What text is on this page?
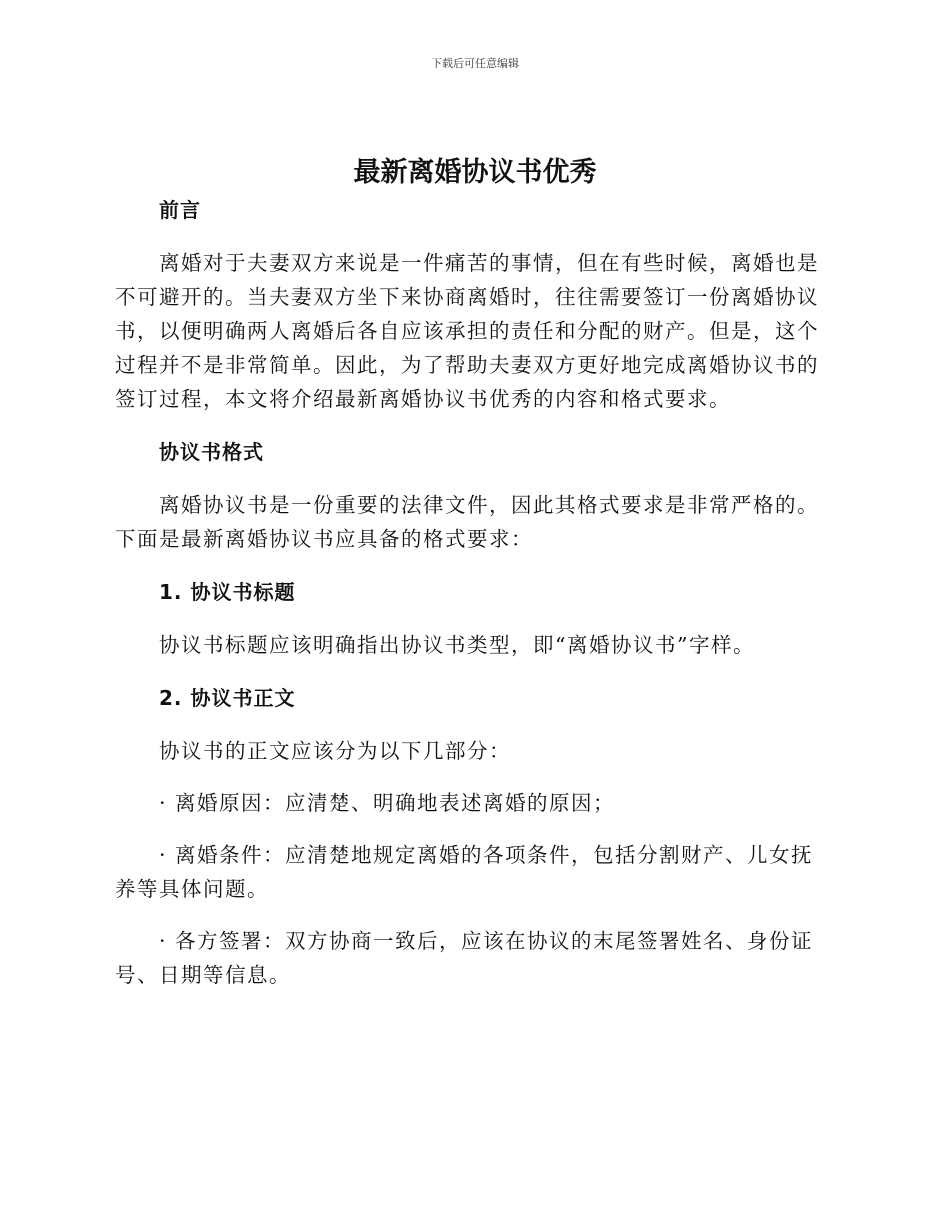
下载后可任意编辑
最新离婚协议书优秀
前言

离婚对于夫妻双方来说是一件痛苦的事情，但在有些时候，离婚也是不可避开的。当夫妻双方坐下来协商离婚时，往往需要签订一份离婚协议书，以便明确两人离婚后各自应该承担的责任和分配的财产。但是，这个过程并不是非常简单。因此，为了帮助夫妻双方更好地完成离婚协议书的签订过程，本文将介绍最新离婚协议书优秀的内容和格式要求。

协议书格式

离婚协议书是一份重要的法律文件，因此其格式要求是非常严格的。下面是最新离婚协议书应具备的格式要求：

1. 协议书标题

协议书标题应该明确指出协议书类型，即“离婚协议书”字样。

2. 协议书正文

协议书的正文应该分为以下几部分：

· 离婚原因：应清楚、明确地表述离婚的原因；

· 离婚条件：应清楚地规定离婚的各项条件，包括分割财产、儿女抚养等具体问题。

· 各方签署：双方协商一致后，应该在协议的末尾签署姓名、身份证号、日期等信息。
